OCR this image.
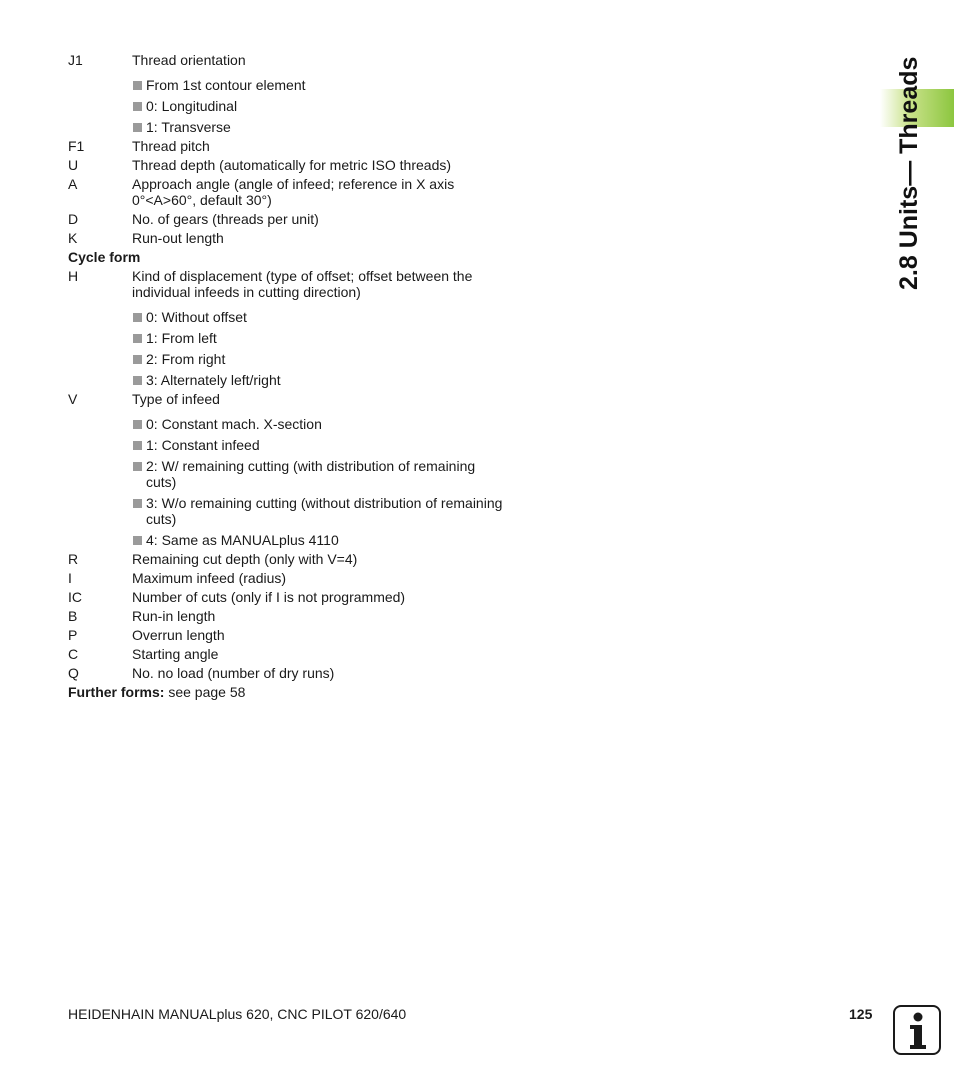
2.8 Units— Threads
J1	Thread orientation
From 1st contour element
0: Longitudinal
1: Transverse
F1	Thread pitch
U	Thread depth (automatically for metric ISO threads)
A	Approach angle (angle of infeed; reference in X axis 0°<A>60°, default 30°)
D	No. of gears (threads per unit)
K	Run-out length
Cycle form
H	Kind of displacement (type of offset; offset between the individual infeeds in cutting direction)
0: Without offset
1: From left
2: From right
3: Alternately left/right
V	Type of infeed
0: Constant mach. X-section
1: Constant infeed
2: W/ remaining cutting (with distribution of remaining cuts)
3: W/o remaining cutting (without distribution of remaining cuts)
4: Same as MANUALplus 4110
R	Remaining cut depth (only with V=4)
I	Maximum infeed (radius)
IC	Number of cuts (only if I is not programmed)
B	Run-in length
P	Overrun length
C	Starting angle
Q	No. no load (number of dry runs)
Further forms: see page 58
HEIDENHAIN MANUALplus 620, CNC PILOT 620/640	125
